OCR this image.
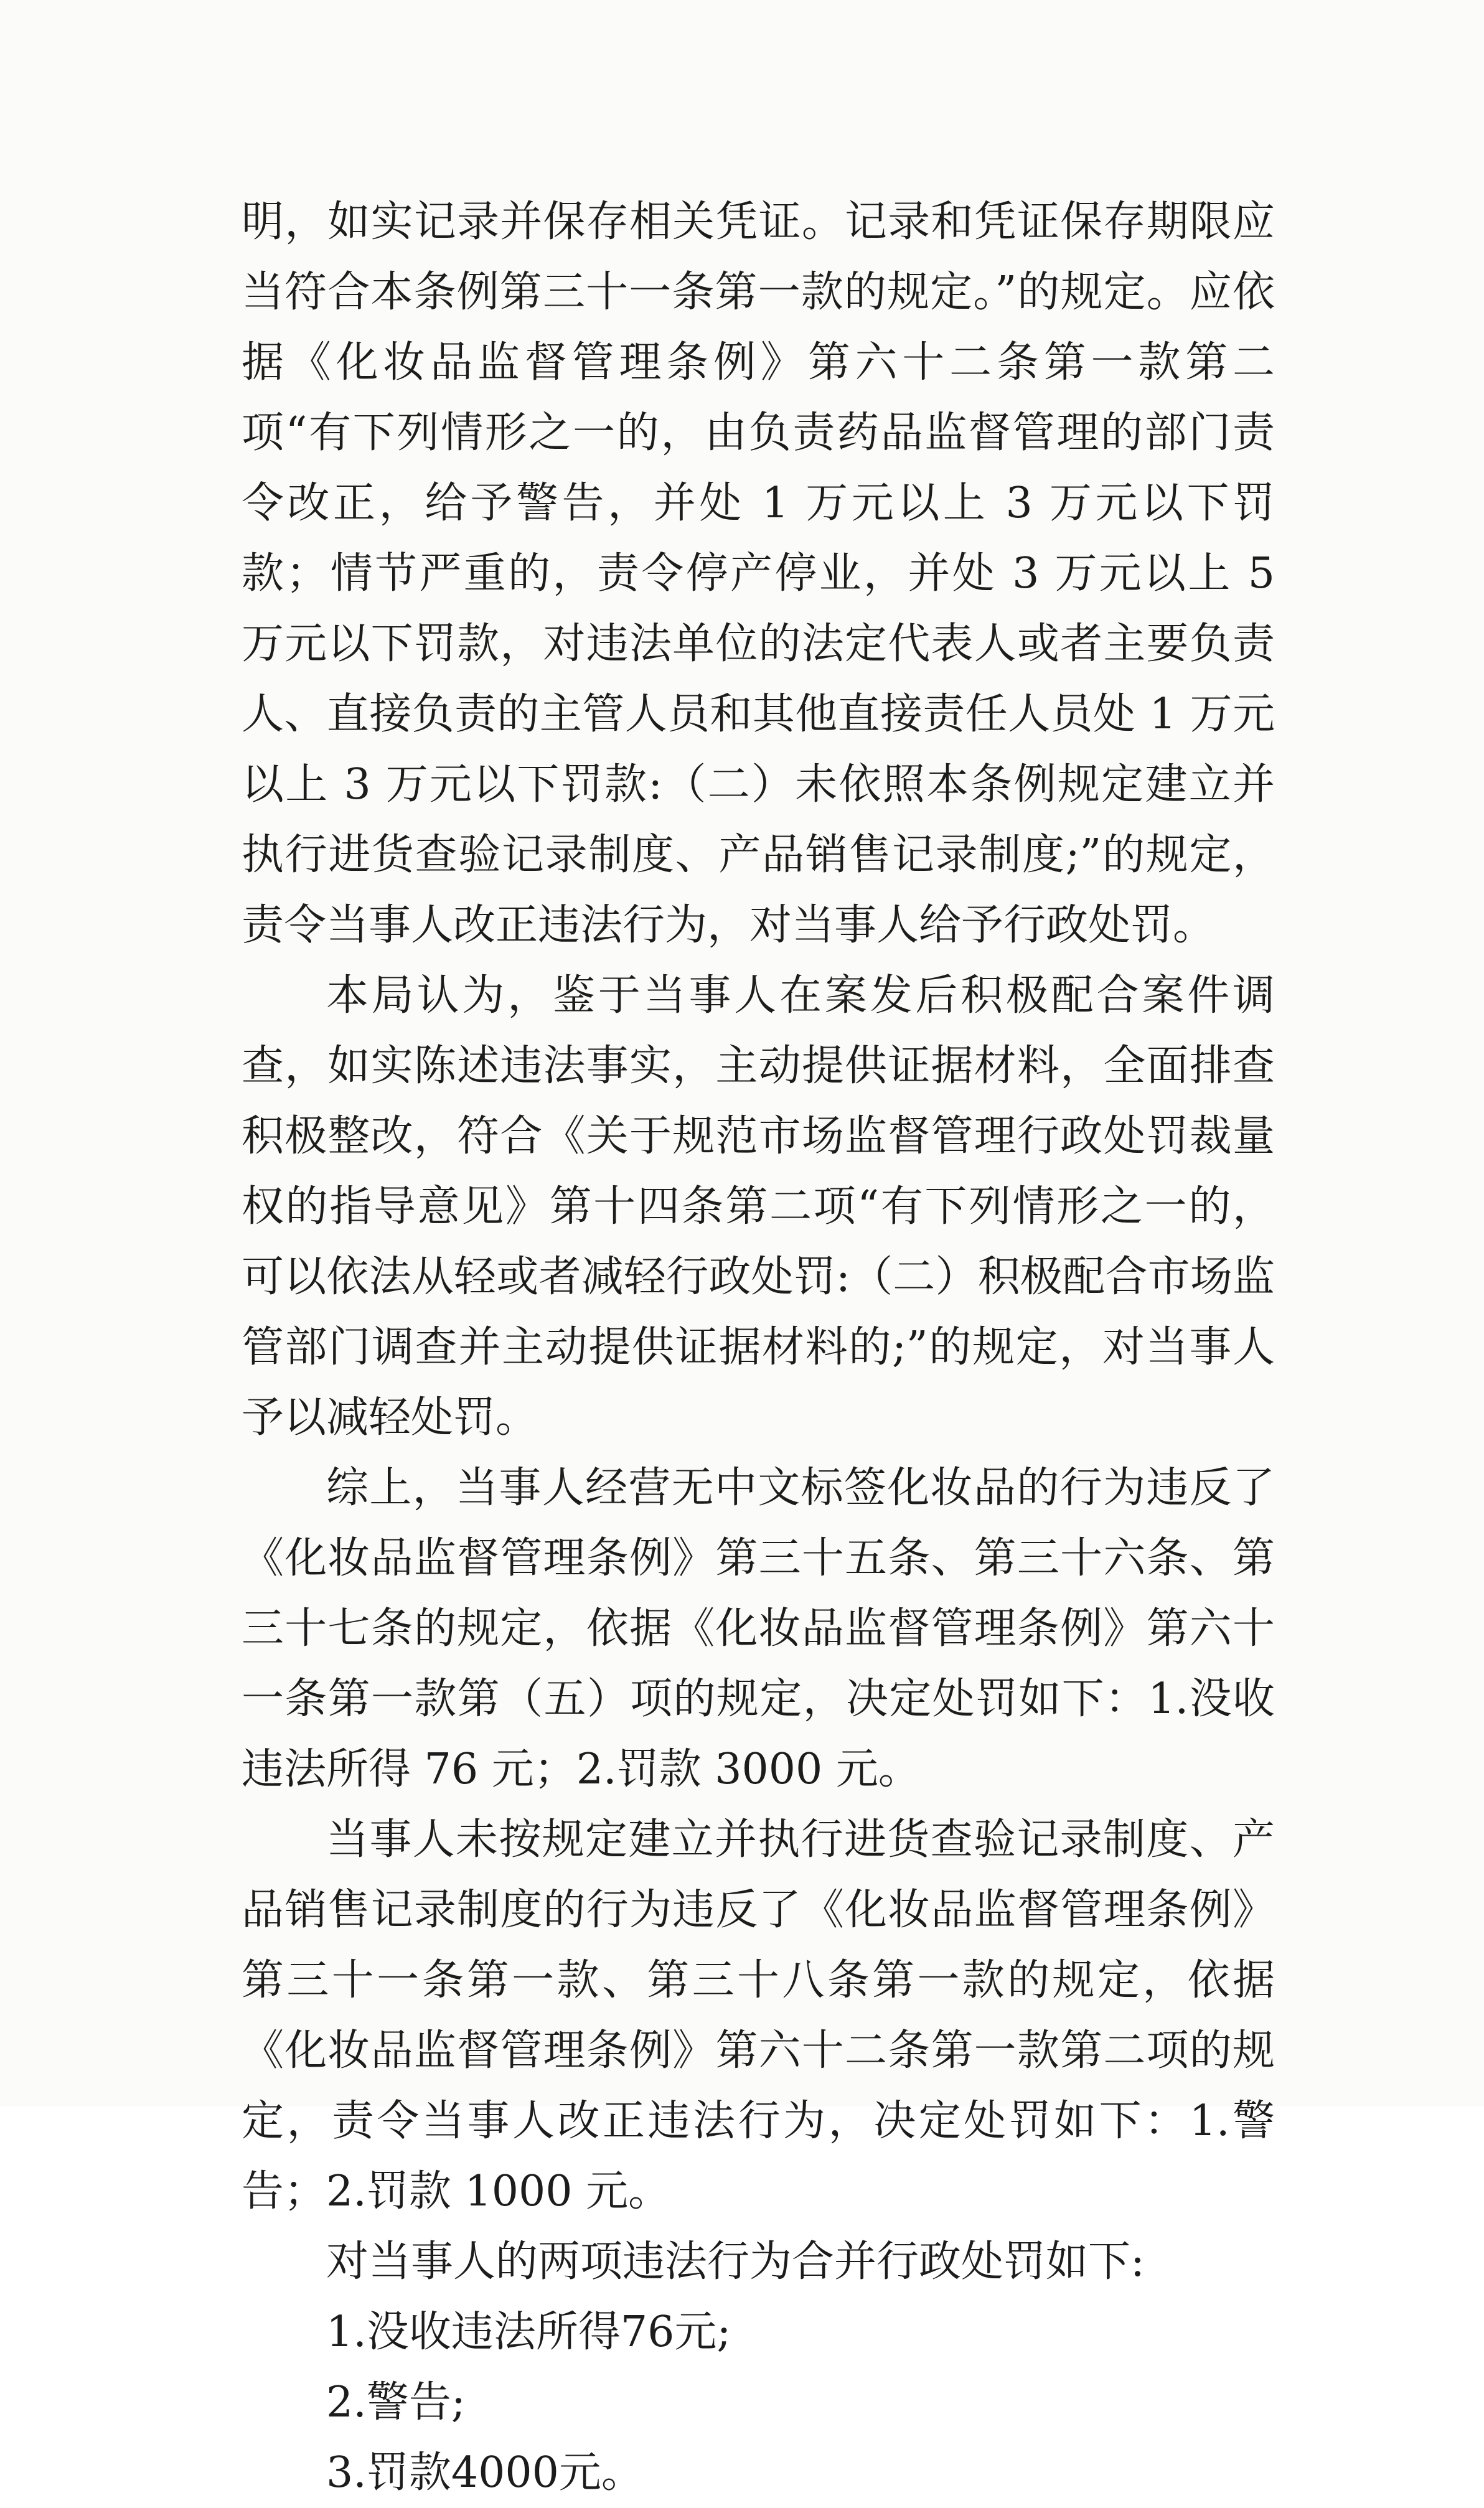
明，如实记录并保存相关凭证。记录和凭证保存期限应当符合本条例第三十一条第一款的规定。”的规定。应依据《化妆品监督管理条例》第六十二条第一款第二项“有下列情形之一的，由负责药品监督管理的部门责令改正，给予警告，并处 1 万元以上 3 万元以下罚款；情节严重的，责令停产停业，并处 3 万元以上 5 万元以下罚款，对违法单位的法定代表人或者主要负责人、直接负责的主管人员和其他直接责任人员处 1 万元以上 3 万元以下罚款:（二）未依照本条例规定建立并执行进货查验记录制度、产品销售记录制度;”的规定，责令当事人改正违法行为，对当事人给予行政处罚。

本局认为，鉴于当事人在案发后积极配合案件调查，如实陈述违法事实，主动提供证据材料，全面排查积极整改，符合《关于规范市场监督管理行政处罚裁量权的指导意见》第十四条第二项“有下列情形之一的，可以依法从轻或者减轻行政处罚:（二）积极配合市场监管部门调查并主动提供证据材料的;”的规定，对当事人予以减轻处罚。

综上，当事人经营无中文标签化妆品的行为违反了《化妆品监督管理条例》第三十五条、第三十六条、第三十七条的规定，依据《化妆品监督管理条例》第六十一条第一款第（五）项的规定，决定处罚如下：1.没收违法所得 76 元；2.罚款 3000 元。

当事人未按规定建立并执行进货查验记录制度、产品销售记录制度的行为违反了《化妆品监督管理条例》第三十一条第一款、第三十八条第一款的规定，依据《化妆品监督管理条例》第六十二条第一款第二项的规定，责令当事人改正违法行为，决定处罚如下：1.警告；2.罚款 1000 元。

对当事人的两项违法行为合并行政处罚如下:

1.没收违法所得76元;

2.警告;

3.罚款4000元。
